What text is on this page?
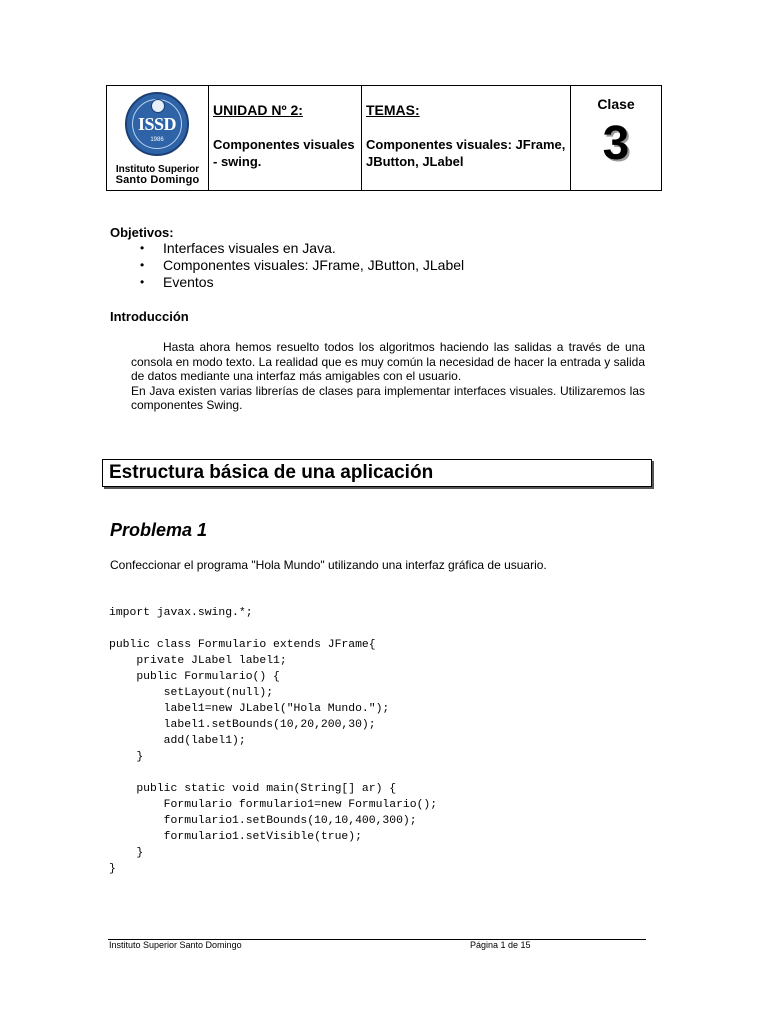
ISSD
1986
Instituto Superior
Santo Domingo
UNIDAD Nº 2:
Componentes visuales - swing.
TEMAS:
Componentes visuales: JFrame, JButton, JLabel
Clase
3
Objetivos:
• Interfaces visuales en Java.
• Componentes visuales: JFrame, JButton, JLabel
• Eventos
Introducción

Hasta ahora hemos resuelto todos los algoritmos haciendo las salidas a través de una consola en modo texto. La realidad que es muy común la necesidad de hacer la entrada y salida de datos mediante una interfaz más amigables con el usuario.

En Java existen varias librerías de clases para implementar interfaces visuales. Utilizaremos las componentes Swing.

Estructura básica de una aplicación
Problema 1
Confeccionar el programa "Hola Mundo" utilizando una interfaz gráfica de usuario.
import javax.swing.*;

public class Formulario extends JFrame{
private JLabel label1;
public Formulario() {
setLayout(null);
label1=new JLabel("Hola Mundo.");
label1.setBounds(10,20,200,30);
add(label1);
}

public static void main(String[] ar) {
Formulario formulario1=new Formulario();
formulario1.setBounds(10,10,400,300);
formulario1.setVisible(true);
}
}
Instituto Superior Santo Domingo	Página 1 de 15
